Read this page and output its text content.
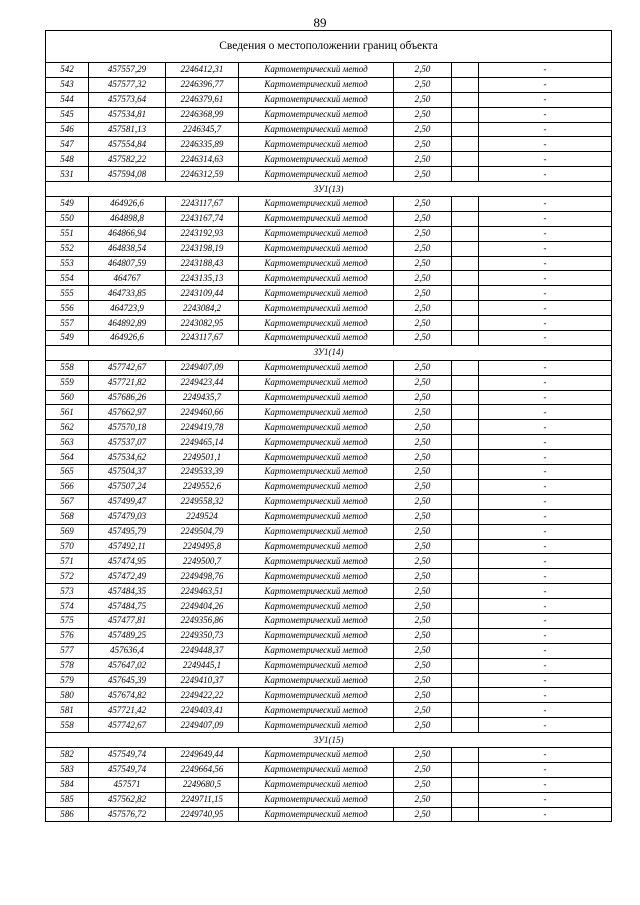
89
Сведения о местоположении границ объекта						
542	457557,29	2246412,31	Картометрический метод	2,50		-
543	457577,32	2246396,77	Картометрический метод	2,50		-
544	457573,64	2246379,61	Картометрический метод	2,50		-
545	457534,81	2246368,99	Картометрический метод	2,50		-
546	457581,13	2246345,7	Картометрический метод	2,50		-
547	457554,84	2246335,89	Картометрический метод	2,50		-
548	457582,22	2246314,63	Картометрический метод	2,50		-
531	457594,08	2246312,59	Картометрический метод	2,50		-
ЗУ1(13)						
549	464926,6	2243117,67	Картометрический метод	2,50		-
550	464898,8	2243167,74	Картометрический метод	2,50		-
551	464866,94	2243192,93	Картометрический метод	2,50		-
552	464838,54	2243198,19	Картометрический метод	2,50		-
553	464807,59	2243188,43	Картометрический метод	2,50		-
554	464767	2243135,13	Картометрический метод	2,50		-
555	464733,85	2243109,44	Картометрический метод	2,50		-
556	464723,9	2243084,2	Картометрический метод	2,50		-
557	464892,89	2243082,95	Картометрический метод	2,50		-
549	464926,6	2243117,67	Картометрический метод	2,50		-
ЗУ1(14)						
558	457742,67	2249407,09	Картометрический метод	2,50		-
559	457721,82	2249423,44	Картометрический метод	2,50		-
560	457686,26	2249435,7	Картометрический метод	2,50		-
561	457662,97	2249460,66	Картометрический метод	2,50		-
562	457570,18	2249419,78	Картометрический метод	2,50		-
563	457537,07	2249465,14	Картометрический метод	2,50		-
564	457534,62	2249501,1	Картометрический метод	2,50		-
565	457504,37	2249533,39	Картометрический метод	2,50		-
566	457507,24	2249552,6	Картометрический метод	2,50		-
567	457499,47	2249558,32	Картометрический метод	2,50		-
568	457479,03	2249524	Картометрический метод	2,50		-
569	457495,79	2249504,79	Картометрический метод	2,50		-
570	457492,11	2249495,8	Картометрический метод	2,50		-
571	457474,95	2249500,7	Картометрический метод	2,50		-
572	457472,49	2249498,76	Картометрический метод	2,50		-
573	457484,35	2249463,51	Картометрический метод	2,50		-
574	457484,75	2249404,26	Картометрический метод	2,50		-
575	457477,81	2249356,86	Картометрический метод	2,50		-
576	457489,25	2249350,73	Картометрический метод	2,50		-
577	457636,4	2249448,37	Картометрический метод	2,50		-
578	457647,02	2249445,1	Картометрический метод	2,50		-
579	457645,39	2249410,37	Картометрический метод	2,50		-
580	457674,82	2249422,22	Картометрический метод	2,50		-
581	457721,42	2249403,41	Картометрический метод	2,50		-
558	457742,67	2249407,09	Картометрический метод	2,50		-
ЗУ1(15)						
582	457549,74	2249649,44	Картометрический метод	2,50		-
583	457549,74	2249664,56	Картометрический метод	2,50		-
584	457571	2249680,5	Картометрический метод	2,50		-
585	457562,82	2249711,15	Картометрический метод	2,50		-
586	457576,72	2249740,95	Картометрический метод	2,50		-
